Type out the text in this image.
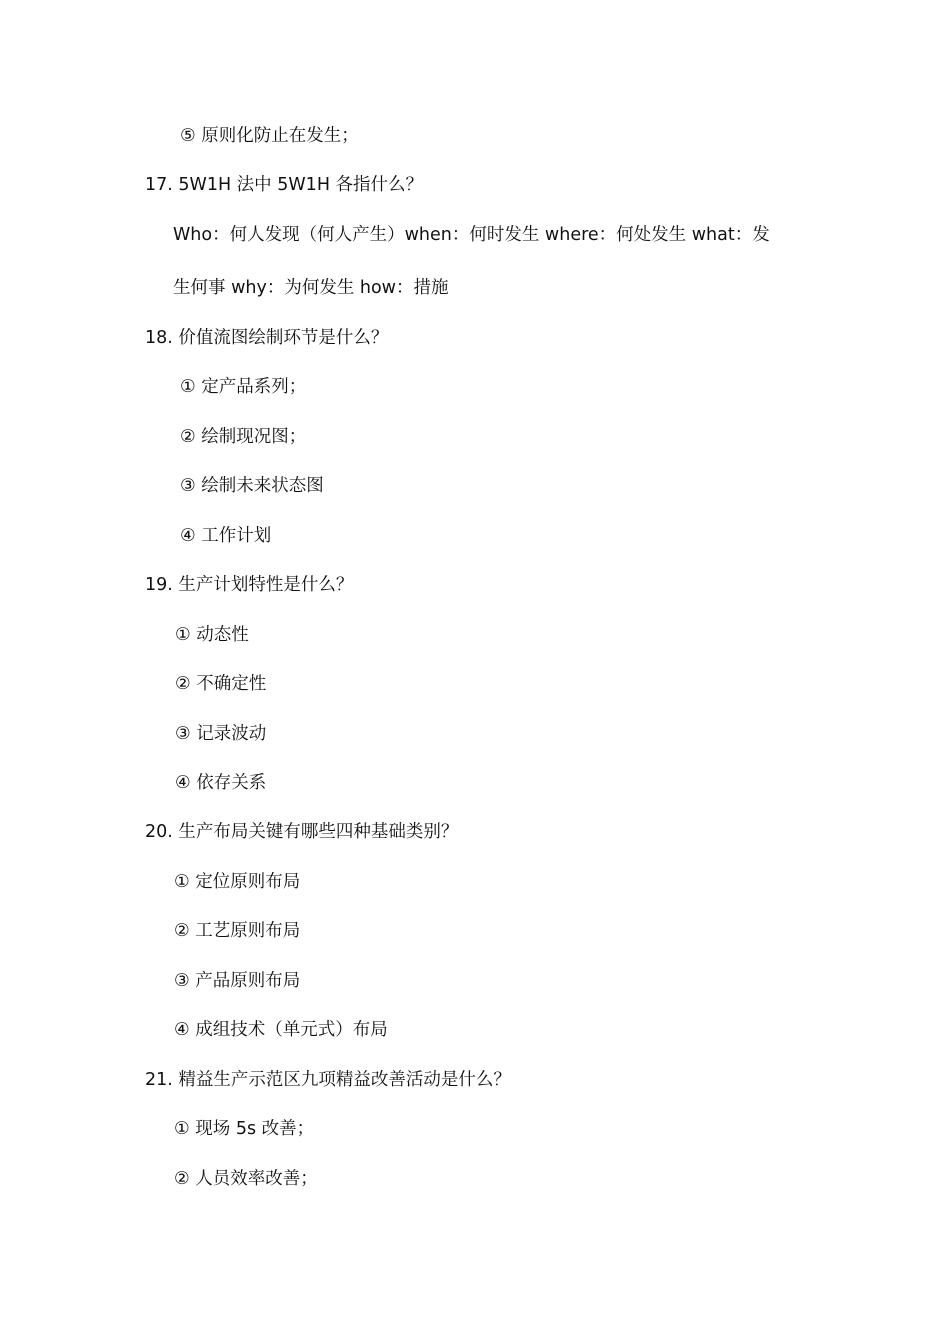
⑤ 原则化防止在发生；
17. 5W1H 法中 5W1H 各指什么？
Who：何人发现（何人产生）when：何时发生 where：何处发生 what：发
生何事 why：为何发生 how：措施
18. 价值流图绘制环节是什么？
① 定产品系列；
② 绘制现况图；
③ 绘制未来状态图
④ 工作计划
19. 生产计划特性是什么？
① 动态性
② 不确定性
③ 记录波动
④ 依存关系
20. 生产布局关键有哪些四种基础类别？
① 定位原则布局
② 工艺原则布局
③ 产品原则布局
④ 成组技术（单元式）布局
21. 精益生产示范区九项精益改善活动是什么？
① 现场 5s 改善；
② 人员效率改善；
